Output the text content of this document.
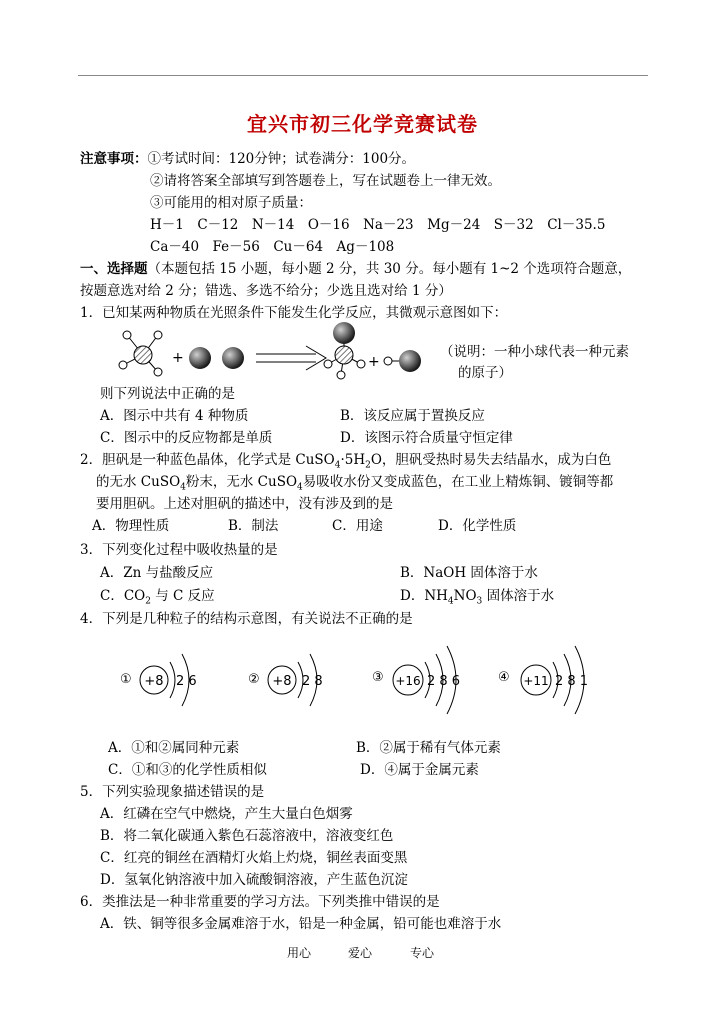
宜兴市初三化学竞赛试卷
注意事项：①考试时间：120分钟；试卷满分：100分。
②请将答案全部填写到答题卷上，写在试题卷上一律无效。
③可能用的相对原子质量：
H－1　C－12　N－14　O－16　Na－23　Mg－24　S－32　Cl－35.5
Ca－40　Fe－56　Cu－64　Ag－108
一、选择题（本题包括 15 小题，每小题 2 分，共 30 分。每小题有 1~2 个选项符合题意，
按题意选对给 2 分；错选、多选不给分；少选且选对给 1 分）
1．已知某两种物质在光照条件下能发生化学反应，其微观示意图如下：
+	+
（说明：一种小球代表一种元素
的原子）
则下列说法中正确的是
A．图示中共有 4 种物质	B．该反应属于置换反应
C．图示中的反应物都是单质	D．该图示符合质量守恒定律
2．胆矾是一种蓝色晶体，化学式是 $CuSO_4\cdot 5H_2O$，胆矾受热时易失去结晶水，成为白色
的无水 CuSO$_4$粉末，无水 CuSO$_4$易吸收水份又变成蓝色，在工业上精炼铜、镀铜等都
要用胆矾。上述对胆矾的描述中，没有涉及到的是
A．物理性质	B．制法	C．用途	D．化学性质
3．下列变化过程中吸收热量的是
A．Zn 与盐酸反应	B．NaOH 固体溶于水
C．$CO_2$ 与 C 反应	D．$NH_4NO_3$ 固体溶于水
4．下列是几种粒子的结构示意图，有关说法不正确的是
① +8 2 6	② +8 2 8	③ +16 2 8 6	④ +11 2 8 1
A．①和②属同种元素	B．②属于稀有气体元素
C．①和③的化学性质相似	D．④属于金属元素
5．下列实验现象描述错误的是
A．红磷在空气中燃烧，产生大量白色烟雾
B．将二氧化碳通入紫色石蕊溶液中，溶液变红色
C．红亮的铜丝在酒精灯火焰上灼烧，铜丝表面变黑
D．氢氧化钠溶液中加入硫酸铜溶液，产生蓝色沉淀
6．类推法是一种非常重要的学习方法。下列类推中错误的是
A．铁、铜等很多金属难溶于水，铅是一种金属，铅可能也难溶于水
用心	爱心	专心
